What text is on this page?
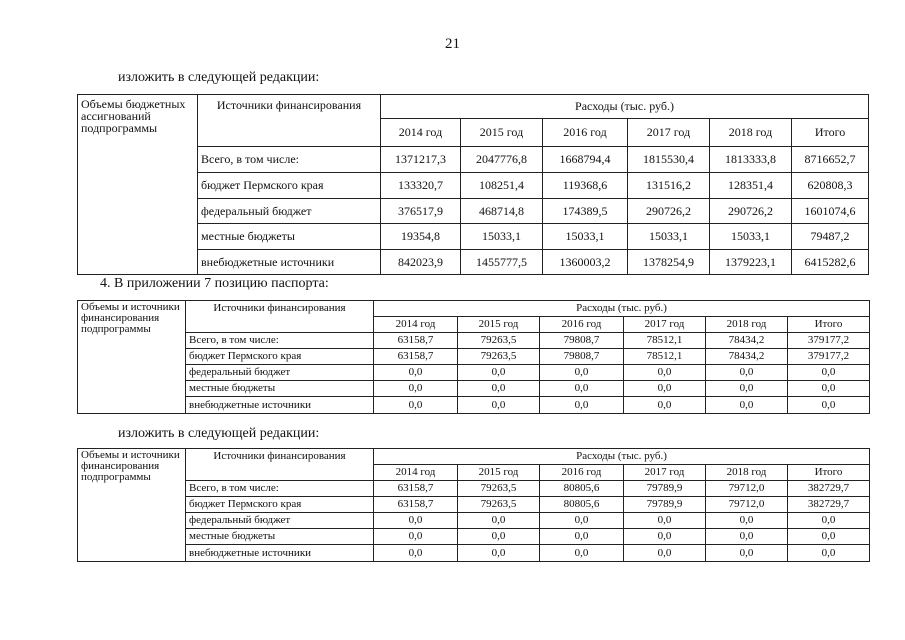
21
изложить в следующей редакции:
Объемы бюджетных ассигнований подпрограммы	Источники финансирования	Расходы (тыс. руб.)					
		2014 год	2015 год	2016 год	2017 год	2018 год	Итого
	Всего, в том числе:	1371217,3	2047776,8	1668794,4	1815530,4	1813333,8	8716652,7
	бюджет Пермского края	133320,7	108251,4	119368,6	131516,2	128351,4	620808,3
	федеральный бюджет	376517,9	468714,8	174389,5	290726,2	290726,2	1601074,6
	местные бюджеты	19354,8	15033,1	15033,1	15033,1	15033,1	79487,2
	внебюджетные источники	842023,9	1455777,5	1360003,2	1378254,9	1379223,1	6415282,6
4. В приложении 7 позицию паспорта:
Объемы и источники финансирования подпрограммы	Источники финансирования	Расходы (тыс. руб.)					
		2014 год	2015 год	2016 год	2017 год	2018 год	Итого
	Всего, в том числе:	63158,7	79263,5	79808,7	78512,1	78434,2	379177,2
	бюджет Пермского края	63158,7	79263,5	79808,7	78512,1	78434,2	379177,2
	федеральный бюджет	0,0	0,0	0,0	0,0	0,0	0,0
	местные бюджеты	0,0	0,0	0,0	0,0	0,0	0,0
	внебюджетные источники	0,0	0,0	0,0	0,0	0,0	0,0
изложить в следующей редакции:
Объемы и источники финансирования подпрограммы	Источники финансирования	Расходы (тыс. руб.)					
		2014 год	2015 год	2016 год	2017 год	2018 год	Итого
	Всего, в том числе:	63158,7	79263,5	80805,6	79789,9	79712,0	382729,7
	бюджет Пермского края	63158,7	79263,5	80805,6	79789,9	79712,0	382729,7
	федеральный бюджет	0,0	0,0	0,0	0,0	0,0	0,0
	местные бюджеты	0,0	0,0	0,0	0,0	0,0	0,0
	внебюджетные источники	0,0	0,0	0,0	0,0	0,0	0,0
